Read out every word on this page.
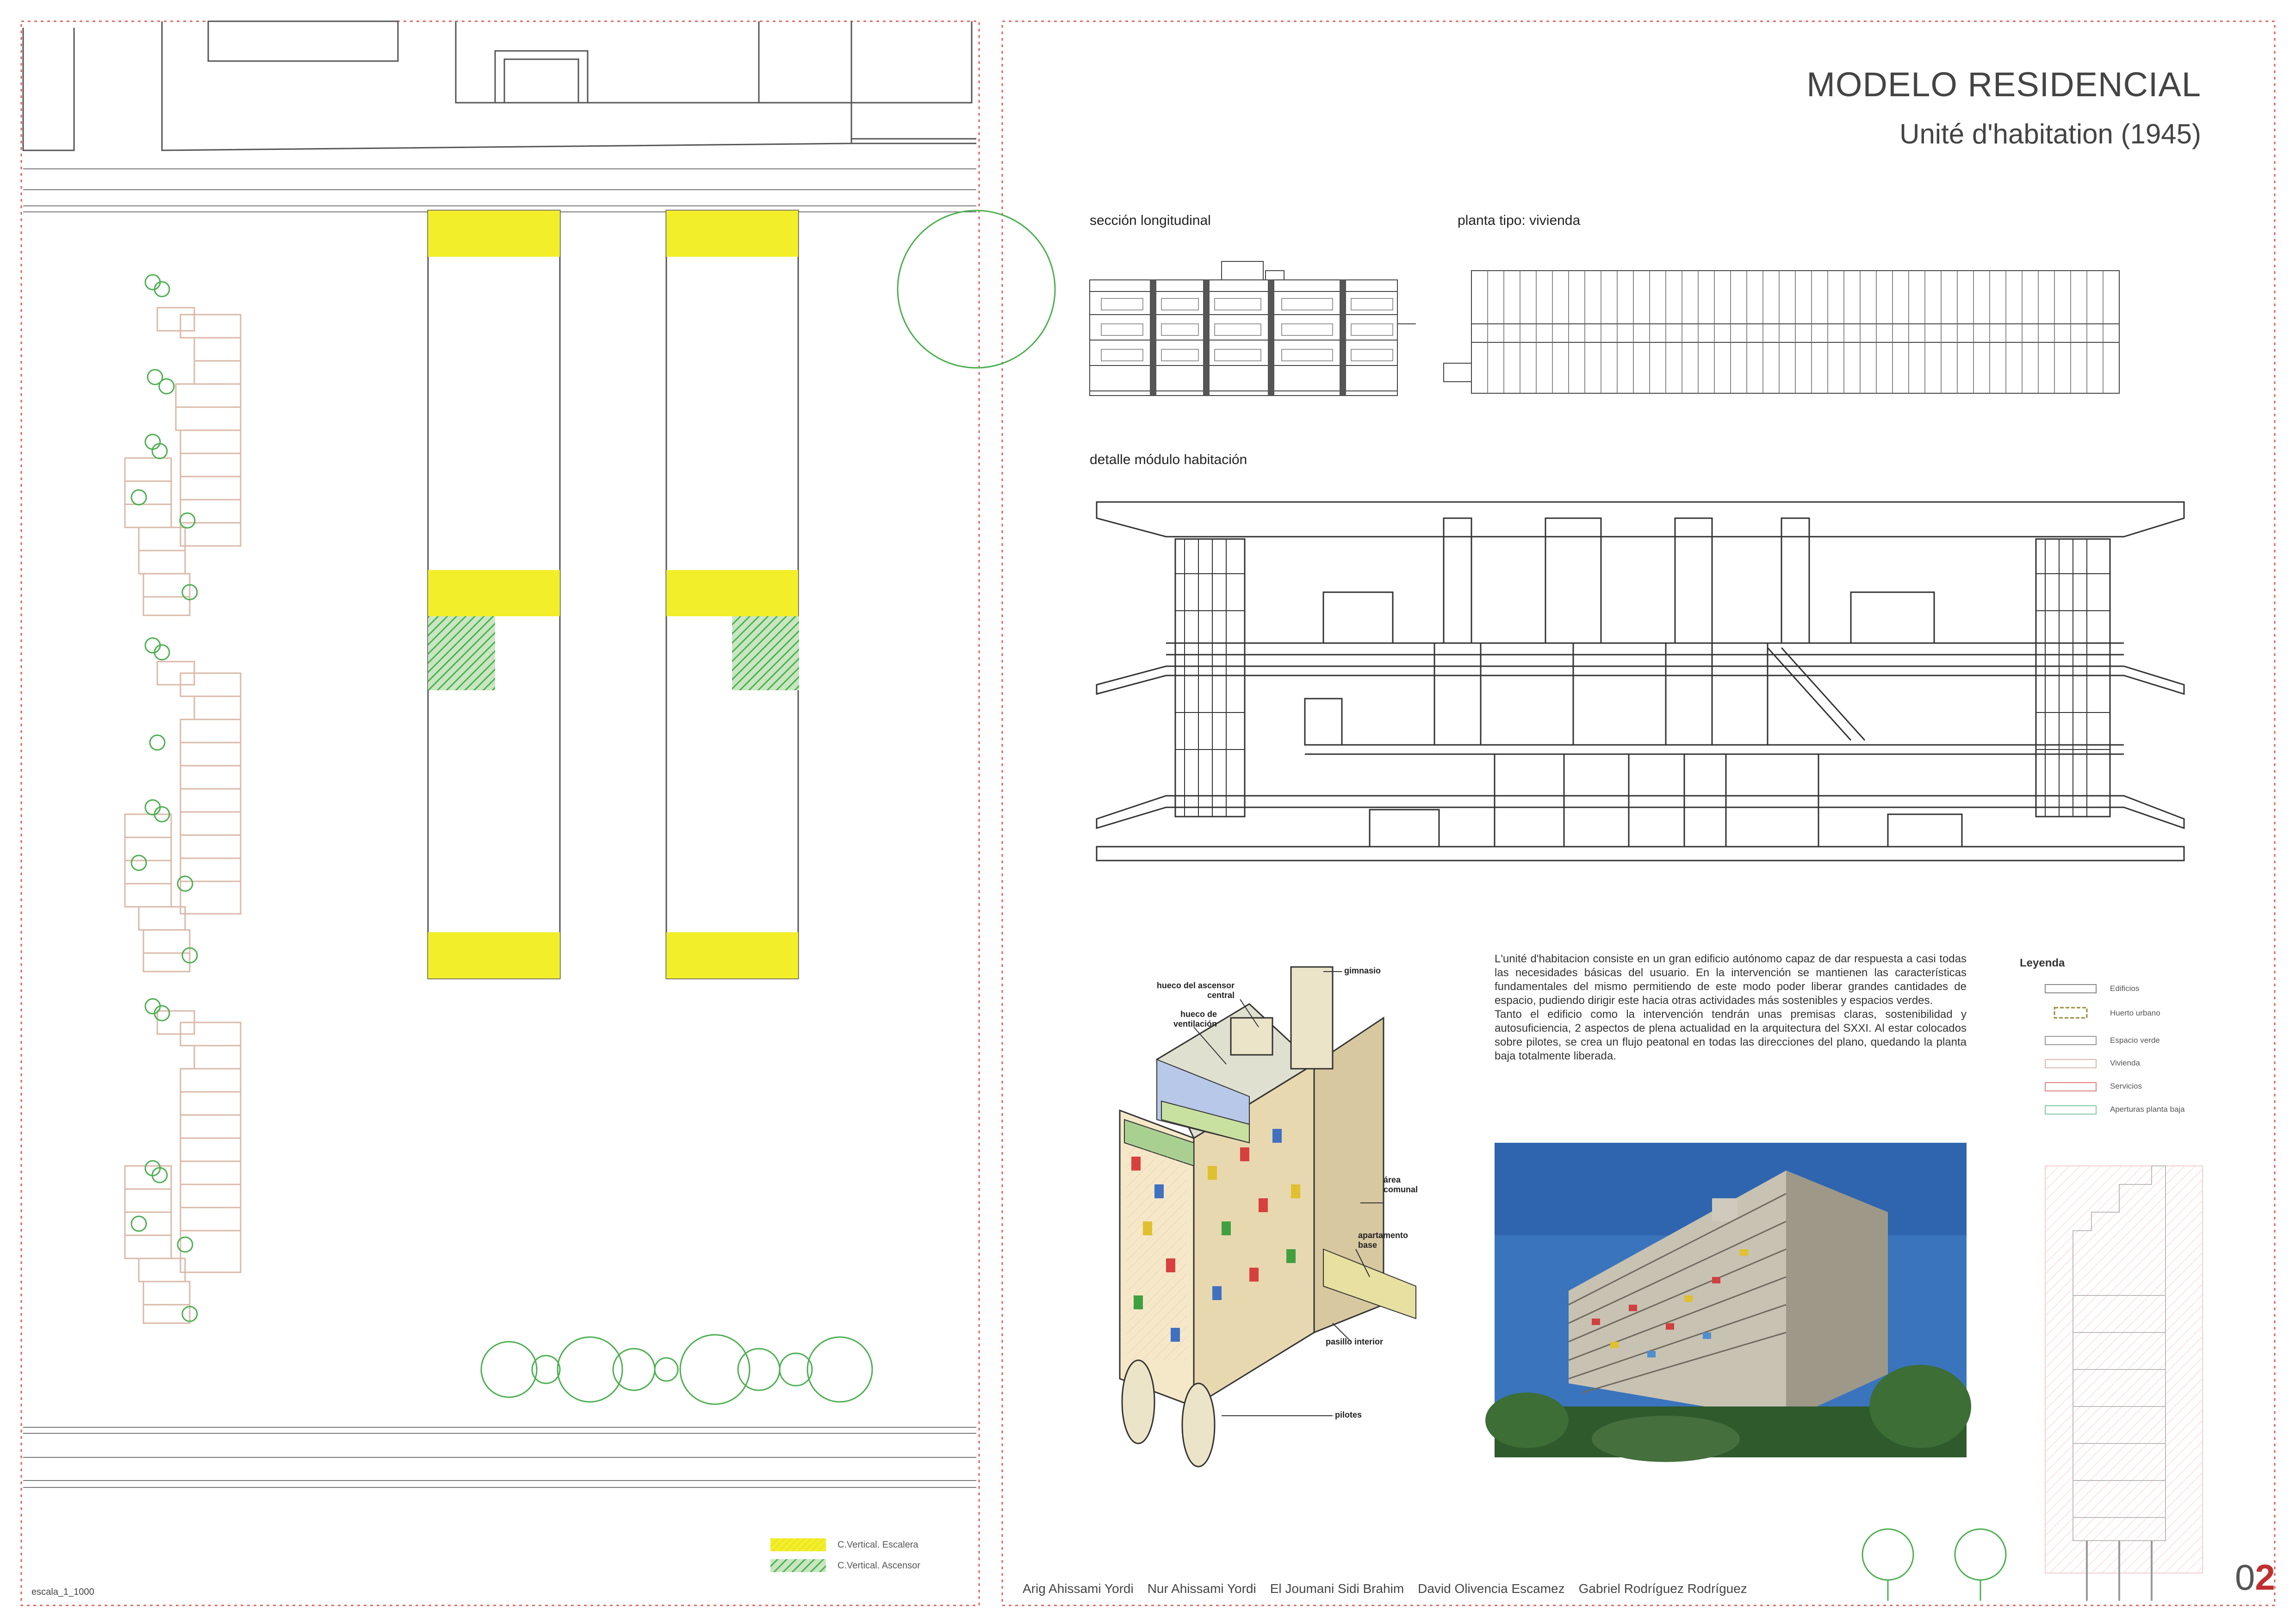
MODELO RESIDENCIAL
Unité d'habitation (1945)
sección longitudinal	planta tipo: vivienda
detalle módulo habitación
gimnasio
hueco del ascensor central
hueco de ventilación
área comunal
apartamento base
pasillo interior
pilotes
L'unité d'habitacion consiste en un gran edificio autónomo capaz de dar respuesta a casi todas las necesidades básicas del usuario. En la intervención se mantienen las características fundamentales del mismo permitiendo de este modo poder liberar grandes cantidades de espacio, pudiendo dirigir este hacia otras actividades más sostenibles y espacios verdes.
Tanto el edificio como la intervención tendrán unas premisas claras, sostenibilidad y autosuficiencia, 2 aspectos de plena actualidad en la arquitectura del SXXI. Al estar colocados sobre pilotes, se crea un flujo peatonal en todas las direcciones del plano, quedando la planta baja totalmente liberada.
Leyenda
Edificios
Huerto urbano
Espacio verde
Vivienda
Servicios
Aperturas planta baja
C.Vertical. Escalera
C.Vertical. Ascensor
escala_1_1000	Arig Ahissami Yordi Nur Ahissami Yordi El Joumani Sidi Brahim David Olivencia Escamez Gabriel Rodríguez Rodríguez	02
